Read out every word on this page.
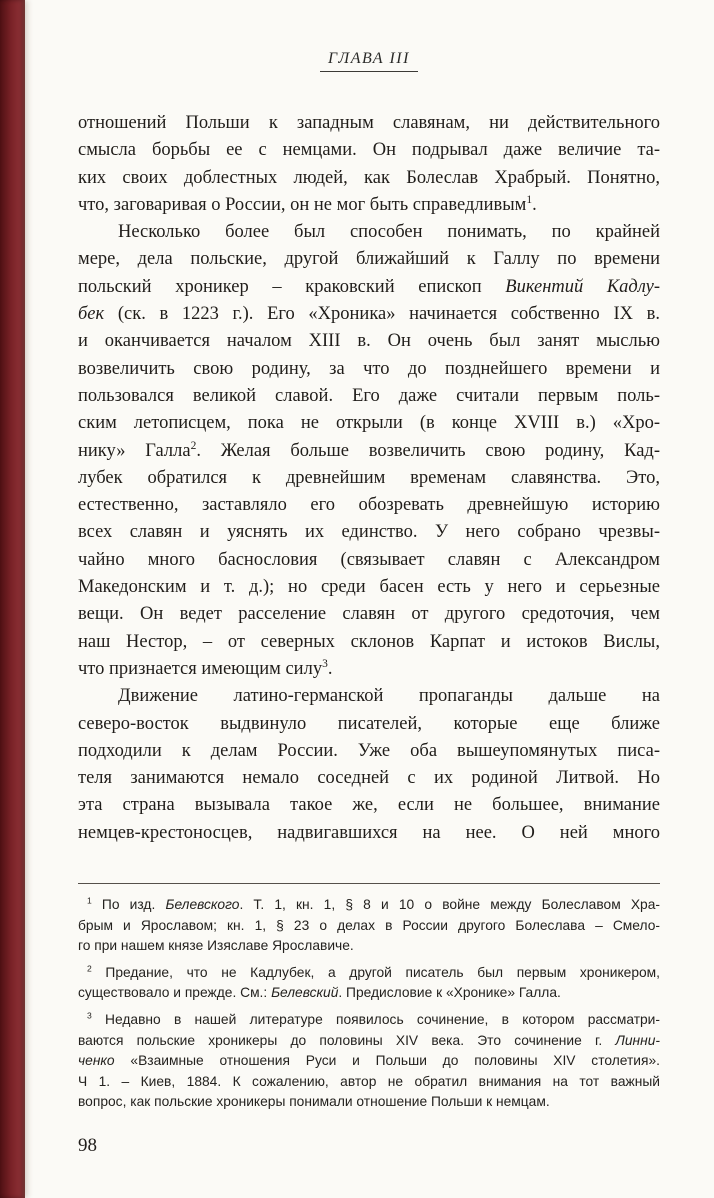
ГЛАВА III
отношений Польши к западным славянам, ни действительного
смысла борьбы ее с немцами. Он подрывал даже величие та-
ких своих доблестных людей, как Болеслав Храбрый. Понятно,
что, заговаривая о России, он не мог быть справедливым$^1$.
Несколько более был способен понимать, по крайней
мере, дела польские, другой ближайший к Галлу по времени
польский хроникер – краковский епископ Викентий Кадлу-
бек (ск. в 1223 г.). Его «Хроника» начинается собственно IX в.
и оканчивается началом XIII в. Он очень был занят мыслью
возвеличить свою родину, за что до позднейшего времени и
пользовался великой славой. Его даже считали первым поль-
ским летописцем, пока не открыли (в конце XVIII в.) «Хро-
нику» Галла$^2$. Желая больше возвеличить свою родину, Кад-
лубек обратился к древнейшим временам славянства. Это,
естественно, заставляло его обозревать древнейшую историю
всех славян и уяснять их единство. У него собрано чрезвы-
чайно много баснословия (связывает славян с Александром
Македонским и т. д.); но среди басен есть у него и серьезные
вещи. Он ведет расселение славян от другого средоточия, чем
наш Нестор, – от северных склонов Карпат и истоков Вислы,
что признается имеющим силу$^3$.
Движение латино-германской пропаганды дальше на
северо-восток выдвинуло писателей, которые еще ближе
подходили к делам России. Уже оба вышеупомянутых писа-
теля занимаются немало соседней с их родиной Литвой. Но
эта страна вызывала такое же, если не большее, внимание
немцев-крестоносцев, надвигавшихся на нее. О ней много
$^1$ По изд. Белевского. Т. 1, кн. 1, § 8 и 10 о войне между Болеславом Хра-
брым и Ярославом; кн. 1, § 23 о делах в России другого Болеслава – Смело-
го при нашем князе Изяславе Ярославиче.
$^2$ Предание, что не Кадлубек, а другой писатель был первым хроникером,
существовало и прежде. См.: Белевский. Предисловие к «Хронике» Галла.
$^3$ Недавно в нашей литературе появилось сочинение, в котором рассматри-
ваются польские хроникеры до половины XIV века. Это сочинение г. Линни-
ченко «Взаимные отношения Руси и Польши до половины XIV столетия».
Ч 1. – Киев, 1884. К сожалению, автор не обратил внимания на тот важный
вопрос, как польские хроникеры понимали отношение Польши к немцам.
98
